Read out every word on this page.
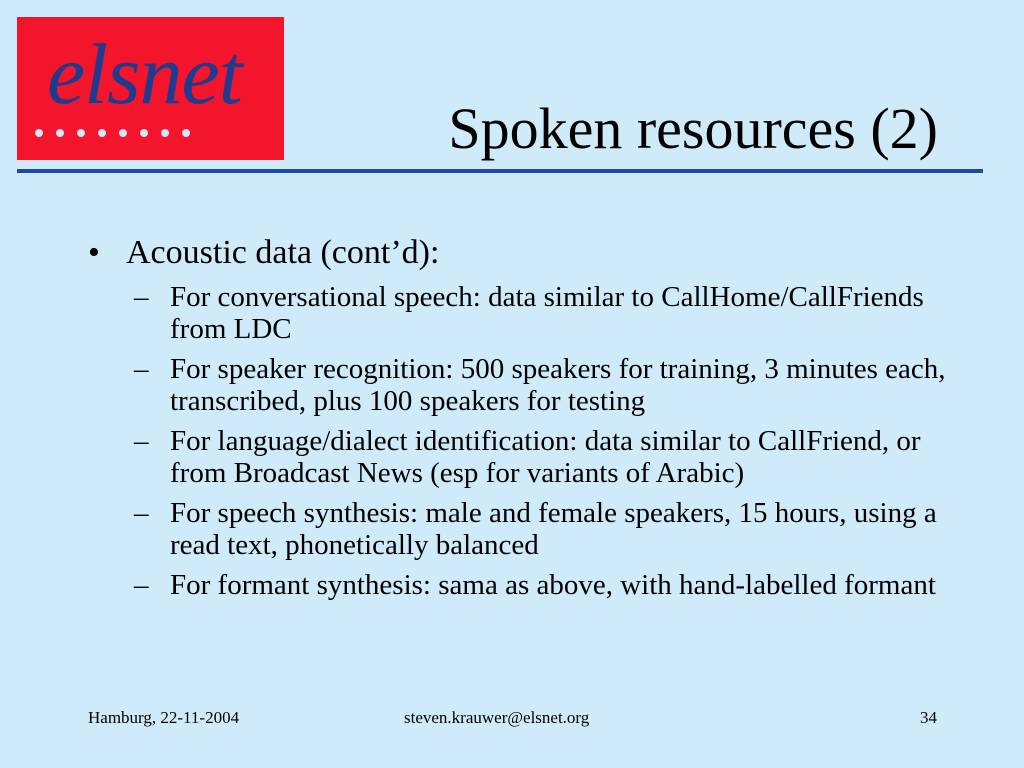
elsnet
Spoken resources (2)
• Acoustic data (cont’d):
– For conversational speech: data similar to CallHome/CallFriends from LDC
– For speaker recognition: 500 speakers for training, 3 minutes each, transcribed, plus 100 speakers for testing
– For language/dialect identification: data similar to CallFriend, or from Broadcast News (esp for variants of Arabic)
– For speech synthesis: male and female speakers, 15 hours, using a read text, phonetically balanced
– For formant synthesis: sama as above, with hand-labelled formant
Hamburg, 22-11-2004	steven.krauwer@elsnet.org	34
